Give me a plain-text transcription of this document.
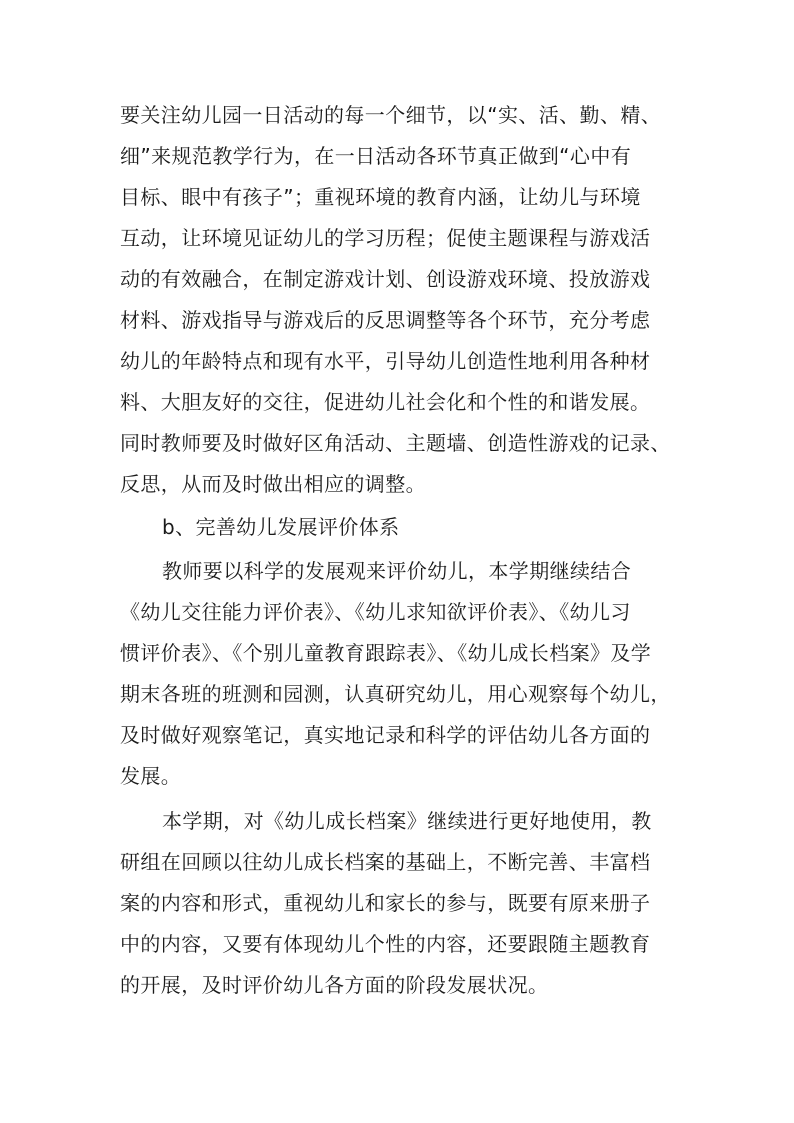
要关注幼儿园一日活动的每一个细节，以“实、活、勤、精、
细”来规范教学行为，在一日活动各环节真正做到“心中有
目标、眼中有孩子”；重视环境的教育内涵，让幼儿与环境
互动，让环境见证幼儿的学习历程；促使主题课程与游戏活
动的有效融合，在制定游戏计划、创设游戏环境、投放游戏
材料、游戏指导与游戏后的反思调整等各个环节，充分考虑
幼儿的年龄特点和现有水平，引导幼儿创造性地利用各种材
料、大胆友好的交往，促进幼儿社会化和个性的和谐发展。
同时教师要及时做好区角活动、主题墙、创造性游戏的记录、
反思，从而及时做出相应的调整。
b、完善幼儿发展评价体系
教师要以科学的发展观来评价幼儿，本学期继续结合
《幼儿交往能力评价表》、《幼儿求知欲评价表》、《幼儿习
惯评价表》、《个别儿童教育跟踪表》、《幼儿成长档案》及学
期末各班的班测和园测，认真研究幼儿，用心观察每个幼儿，
及时做好观察笔记，真实地记录和科学的评估幼儿各方面的
发展。
本学期，对《幼儿成长档案》继续进行更好地使用，教
研组在回顾以往幼儿成长档案的基础上，不断完善、丰富档
案的内容和形式，重视幼儿和家长的参与，既要有原来册子
中的内容，又要有体现幼儿个性的内容，还要跟随主题教育
的开展，及时评价幼儿各方面的阶段发展状况。
